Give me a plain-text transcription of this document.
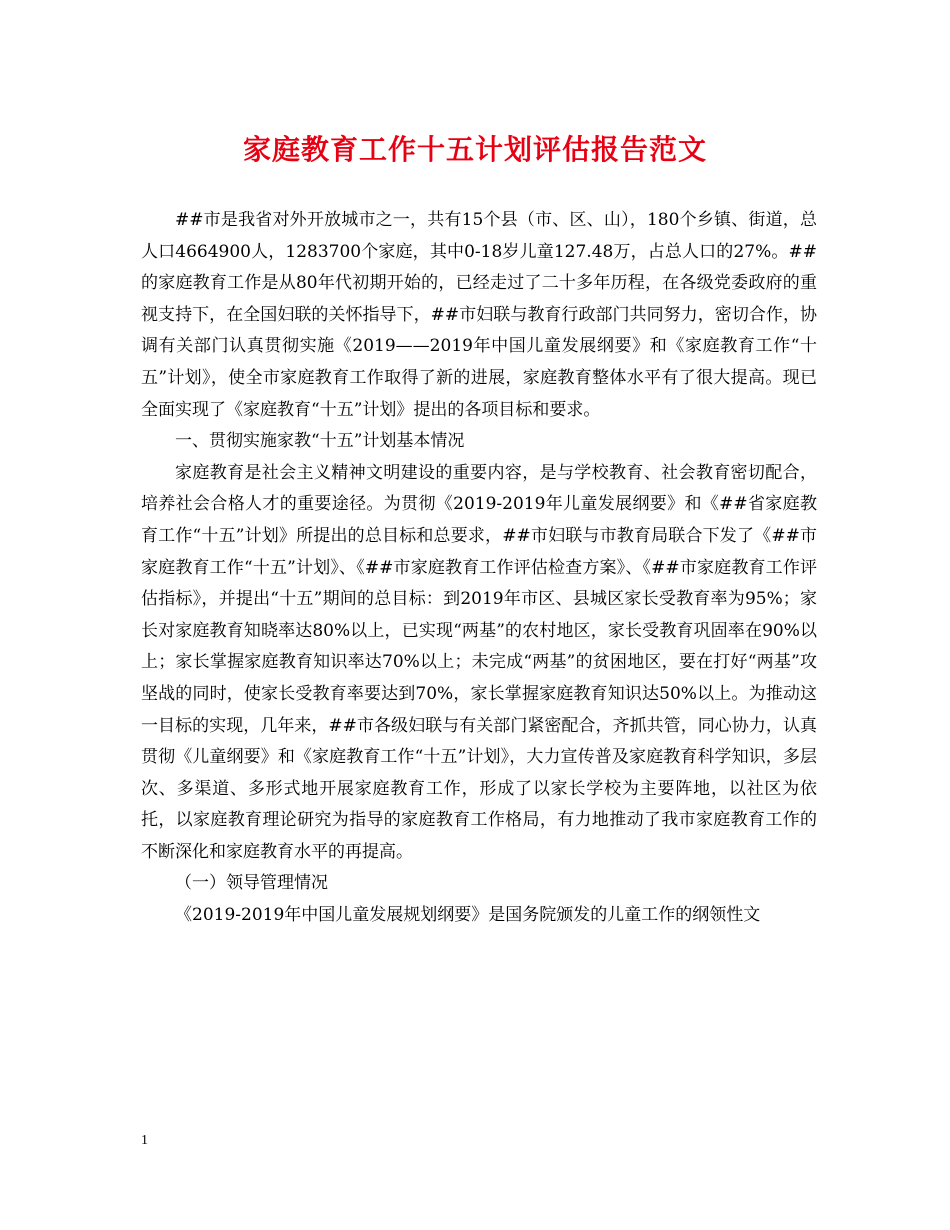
家庭教育工作十五计划评估报告范文

##市是我省对外开放城市之一，共有15个县（市、区、山），180个乡镇、街道，总人口4664900人，1283700个家庭，其中0-18岁儿童127.48万，占总人口的27%。##的家庭教育工作是从80年代初期开始的，已经走过了二十多年历程，在各级党委政府的重视支持下，在全国妇联的关怀指导下，##市妇联与教育行政部门共同努力，密切合作，协调有关部门认真贯彻实施《2019——2019年中国儿童发展纲要》和《家庭教育工作“十五”计划》，使全市家庭教育工作取得了新的进展，家庭教育整体水平有了很大提高。现已全面实现了《家庭教育“十五”计划》提出的各项目标和要求。

一、贯彻实施家教“十五”计划基本情况

家庭教育是社会主义精神文明建设的重要内容，是与学校教育、社会教育密切配合，培养社会合格人才的重要途径。为贯彻《2019-2019年儿童发展纲要》和《##省家庭教育工作“十五”计划》所提出的总目标和总要求，##市妇联与市教育局联合下发了《##市家庭教育工作“十五”计划》、《##市家庭教育工作评估检查方案》、《##市家庭教育工作评估指标》，并提出“十五”期间的总目标：到2019年市区、县城区家长受教育率为95%；家长对家庭教育知晓率达80%以上，已实现“两基”的农村地区，家长受教育巩固率在90%以上；家长掌握家庭教育知识率达70%以上；未完成“两基”的贫困地区，要在打好“两基”攻坚战的同时，使家长受教育率要达到70%，家长掌握家庭教育知识达50%以上。为推动这一目标的实现，几年来，##市各级妇联与有关部门紧密配合，齐抓共管，同心协力，认真贯彻《儿童纲要》和《家庭教育工作“十五”计划》，大力宣传普及家庭教育科学知识，多层次、多渠道、多形式地开展家庭教育工作，形成了以家长学校为主要阵地，以社区为依托，以家庭教育理论研究为指导的家庭教育工作格局，有力地推动了我市家庭教育工作的不断深化和家庭教育水平的再提高。

（一）领导管理情况

《2019-2019年中国儿童发展规划纲要》是国务院颁发的儿童工作的纲领性文

1
